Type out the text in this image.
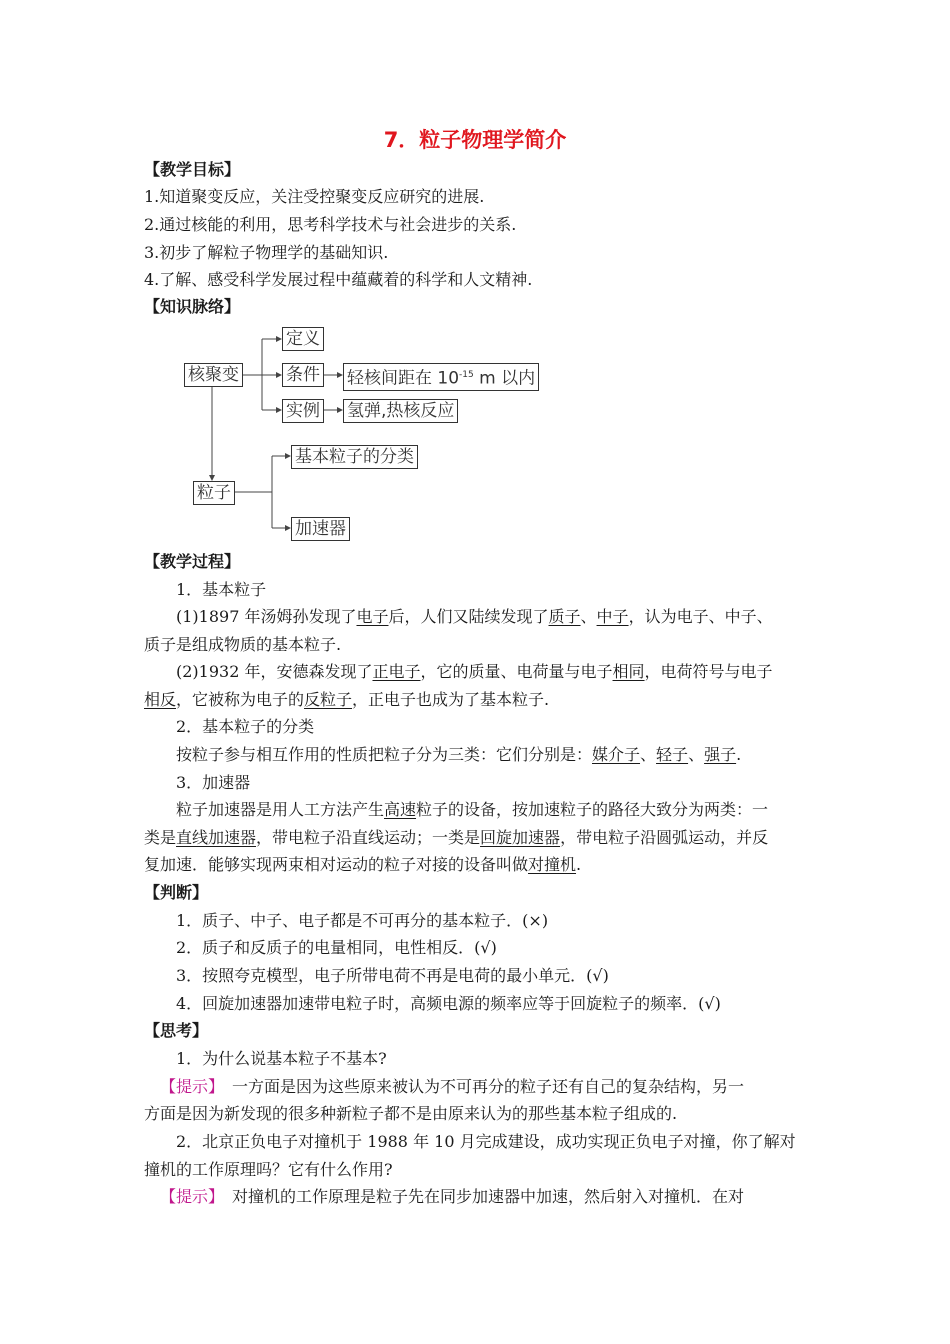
7．粒子物理学简介
【教学目标】
1.知道聚变反应，关注受控聚变反应研究的进展.
2.通过核能的利用，思考科学技术与社会进步的关系.
3.初步了解粒子物理学的基础知识.
4.了解、感受科学发展过程中蕴藏着的科学和人文精神.
【知识脉络】
核聚变
定义
条件 轻核间距在 $10^{-15}$ m 以内
实例 氢弹,热核反应
粒子
基本粒子的分类
加速器
【教学过程】
1．基本粒子
(1)1897 年汤姆孙发现了电子后，人们又陆续发现了质子、中子，认为电子、中子、
质子是组成物质的基本粒子.
(2)1932 年，安德森发现了正电子，它的质量、电荷量与电子相同，电荷符号与电子
相反，它被称为电子的反粒子，正电子也成为了基本粒子.
2．基本粒子的分类
按粒子参与相互作用的性质把粒子分为三类：它们分别是：媒介子、轻子、强子.
3．加速器
粒子加速器是用人工方法产生高速粒子的设备，按加速粒子的路径大致分为两类：一
类是直线加速器，带电粒子沿直线运动；一类是回旋加速器，带电粒子沿圆弧运动，并反
复加速．能够实现两束相对运动的粒子对接的设备叫做对撞机.
【判断】
1．质子、中子、电子都是不可再分的基本粒子．(×)
2．质子和反质子的电量相同，电性相反．(√)
3．按照夸克模型，电子所带电荷不再是电荷的最小单元．(√)
4．回旋加速器加速带电粒子时，高频电源的频率应等于回旋粒子的频率．(√)
【思考】
1．为什么说基本粒子不基本?
【提示】　一方面是因为这些原来被认为不可再分的粒子还有自己的复杂结构，另一
方面是因为新发现的很多种新粒子都不是由原来认为的那些基本粒子组成的.
2．北京正负电子对撞机于 1988 年 10 月完成建设，成功实现正负电子对撞，你了解对
撞机的工作原理吗？它有什么作用?
【提示】　对撞机的工作原理是粒子先在同步加速器中加速，然后射入对撞机．在对
